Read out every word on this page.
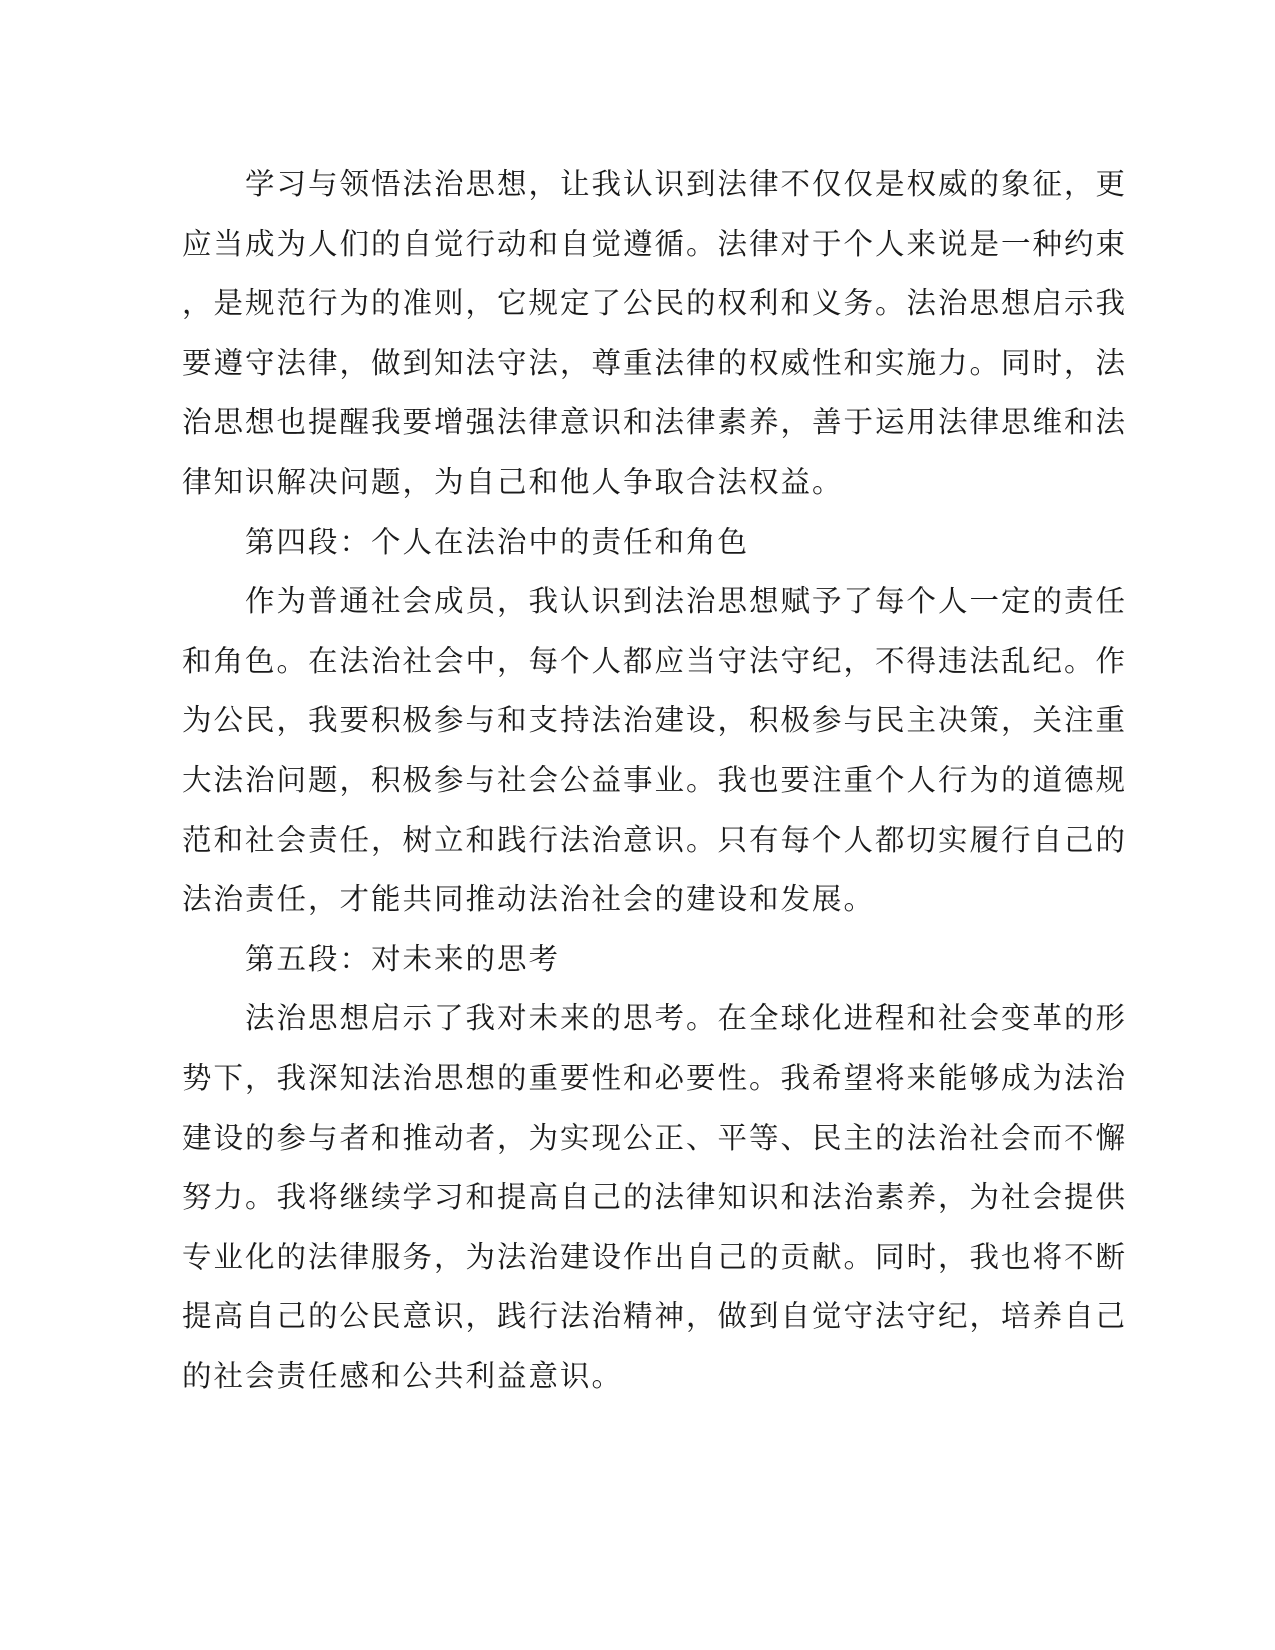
　　学习与领悟法治思想，让我认识到法律不仅仅是权威的象征，更
应当成为人们的自觉行动和自觉遵循。法律对于个人来说是一种约束
，是规范行为的准则，它规定了公民的权利和义务。法治思想启示我
要遵守法律，做到知法守法，尊重法律的权威性和实施力。同时，法
治思想也提醒我要增强法律意识和法律素养，善于运用法律思维和法
律知识解决问题，为自己和他人争取合法权益。
　　第四段：个人在法治中的责任和角色
　　作为普通社会成员，我认识到法治思想赋予了每个人一定的责任
和角色。在法治社会中，每个人都应当守法守纪，不得违法乱纪。作
为公民，我要积极参与和支持法治建设，积极参与民主决策，关注重
大法治问题，积极参与社会公益事业。我也要注重个人行为的道德规
范和社会责任，树立和践行法治意识。只有每个人都切实履行自己的
法治责任，才能共同推动法治社会的建设和发展。
　　第五段：对未来的思考
　　法治思想启示了我对未来的思考。在全球化进程和社会变革的形
势下，我深知法治思想的重要性和必要性。我希望将来能够成为法治
建设的参与者和推动者，为实现公正、平等、民主的法治社会而不懈
努力。我将继续学习和提高自己的法律知识和法治素养，为社会提供
专业化的法律服务，为法治建设作出自己的贡献。同时，我也将不断
提高自己的公民意识，践行法治精神，做到自觉守法守纪，培养自己
的社会责任感和公共利益意识。
